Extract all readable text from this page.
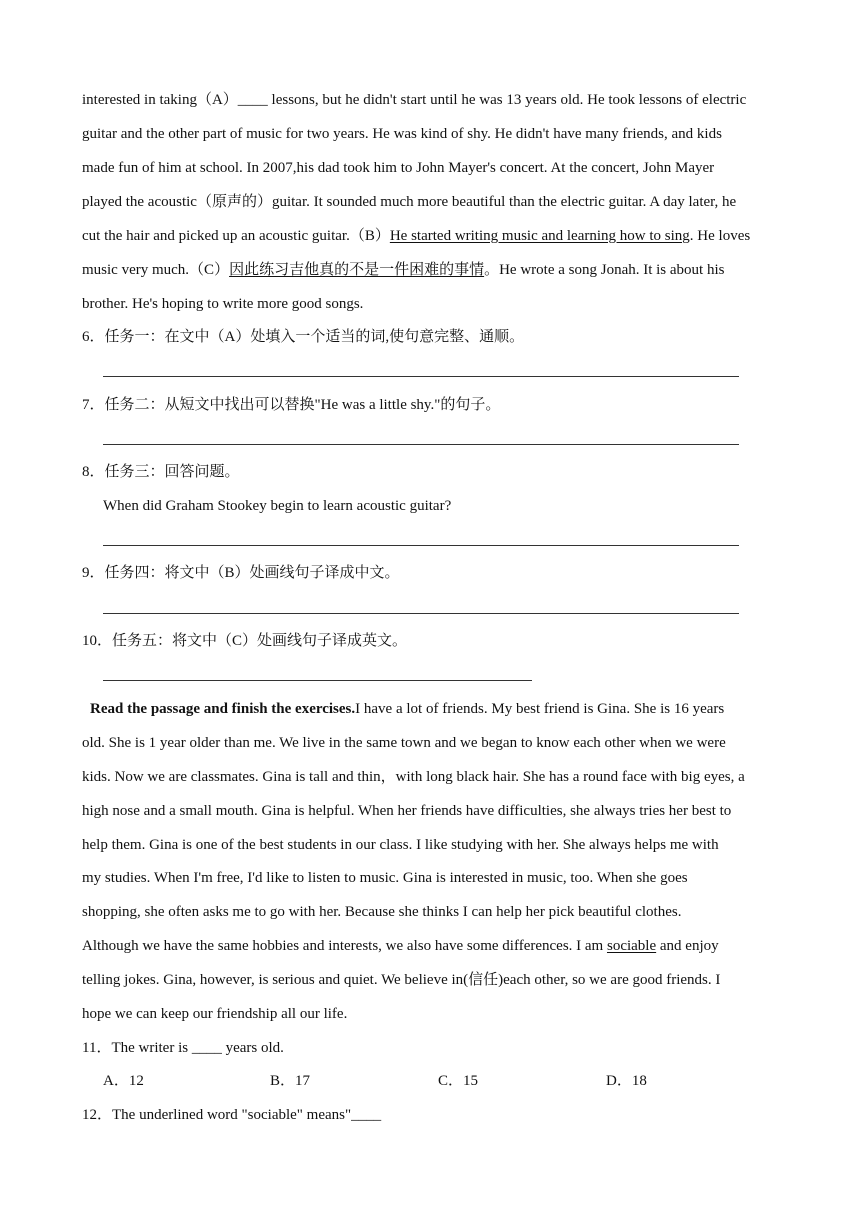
interested in taking（A）____ lessons, but he didn't start until he was 13 years old. He took lessons of electric
guitar and the other part of music for two years. He was kind of shy. He didn't have many friends, and kids
made fun of him at school. In 2007,his dad took him to John Mayer's concert. At the concert, John Mayer
played the acoustic（原声的）guitar. It sounded much more beautiful than the electric guitar. A day later, he
cut the hair and picked up an acoustic guitar.（B）He started writing music and learning how to sing. He loves
music very much.（C）因此练习吉他真的不是一件困难的事情。He wrote a song Jonah. It is about his
brother. He's hoping to write more good songs.
6．任务一：在文中（A）处填入一个适当的词,使句意完整、通顺。
7．任务二：从短文中找出可以替换"He was a little shy."的句子。
8．任务三：回答问题。
When did Graham Stookey begin to learn acoustic guitar?
9．任务四：将文中（B）处画线句子译成中文。
10．任务五：将文中（C）处画线句子译成英文。
Read the passage and finish the exercises.I have a lot of friends. My best friend is Gina. She is 16 years
old. She is 1 year older than me. We live in the same town and we began to know each other when we were
kids. Now we are classmates. Gina is tall and thin，with long black hair. She has a round face with big eyes, a
high nose and a small mouth. Gina is helpful. When her friends have difficulties, she always tries her best to
help them. Gina is one of the best students in our class. I like studying with her. She always helps me with
my studies. When I'm free, I'd like to listen to music. Gina is interested in music, too. When she goes
shopping, she often asks me to go with her. Because she thinks I can help her pick beautiful clothes.
Although we have the same hobbies and interests, we also have some differences. I am sociable and enjoy
telling jokes. Gina, however, is serious and quiet. We believe in(信任)each other, so we are good friends. I
hope we can keep our friendship all our life.
11．The writer is ____ years old.
A．12	B．17	C．15	D．18
12．The underlined word "sociable" means"____
